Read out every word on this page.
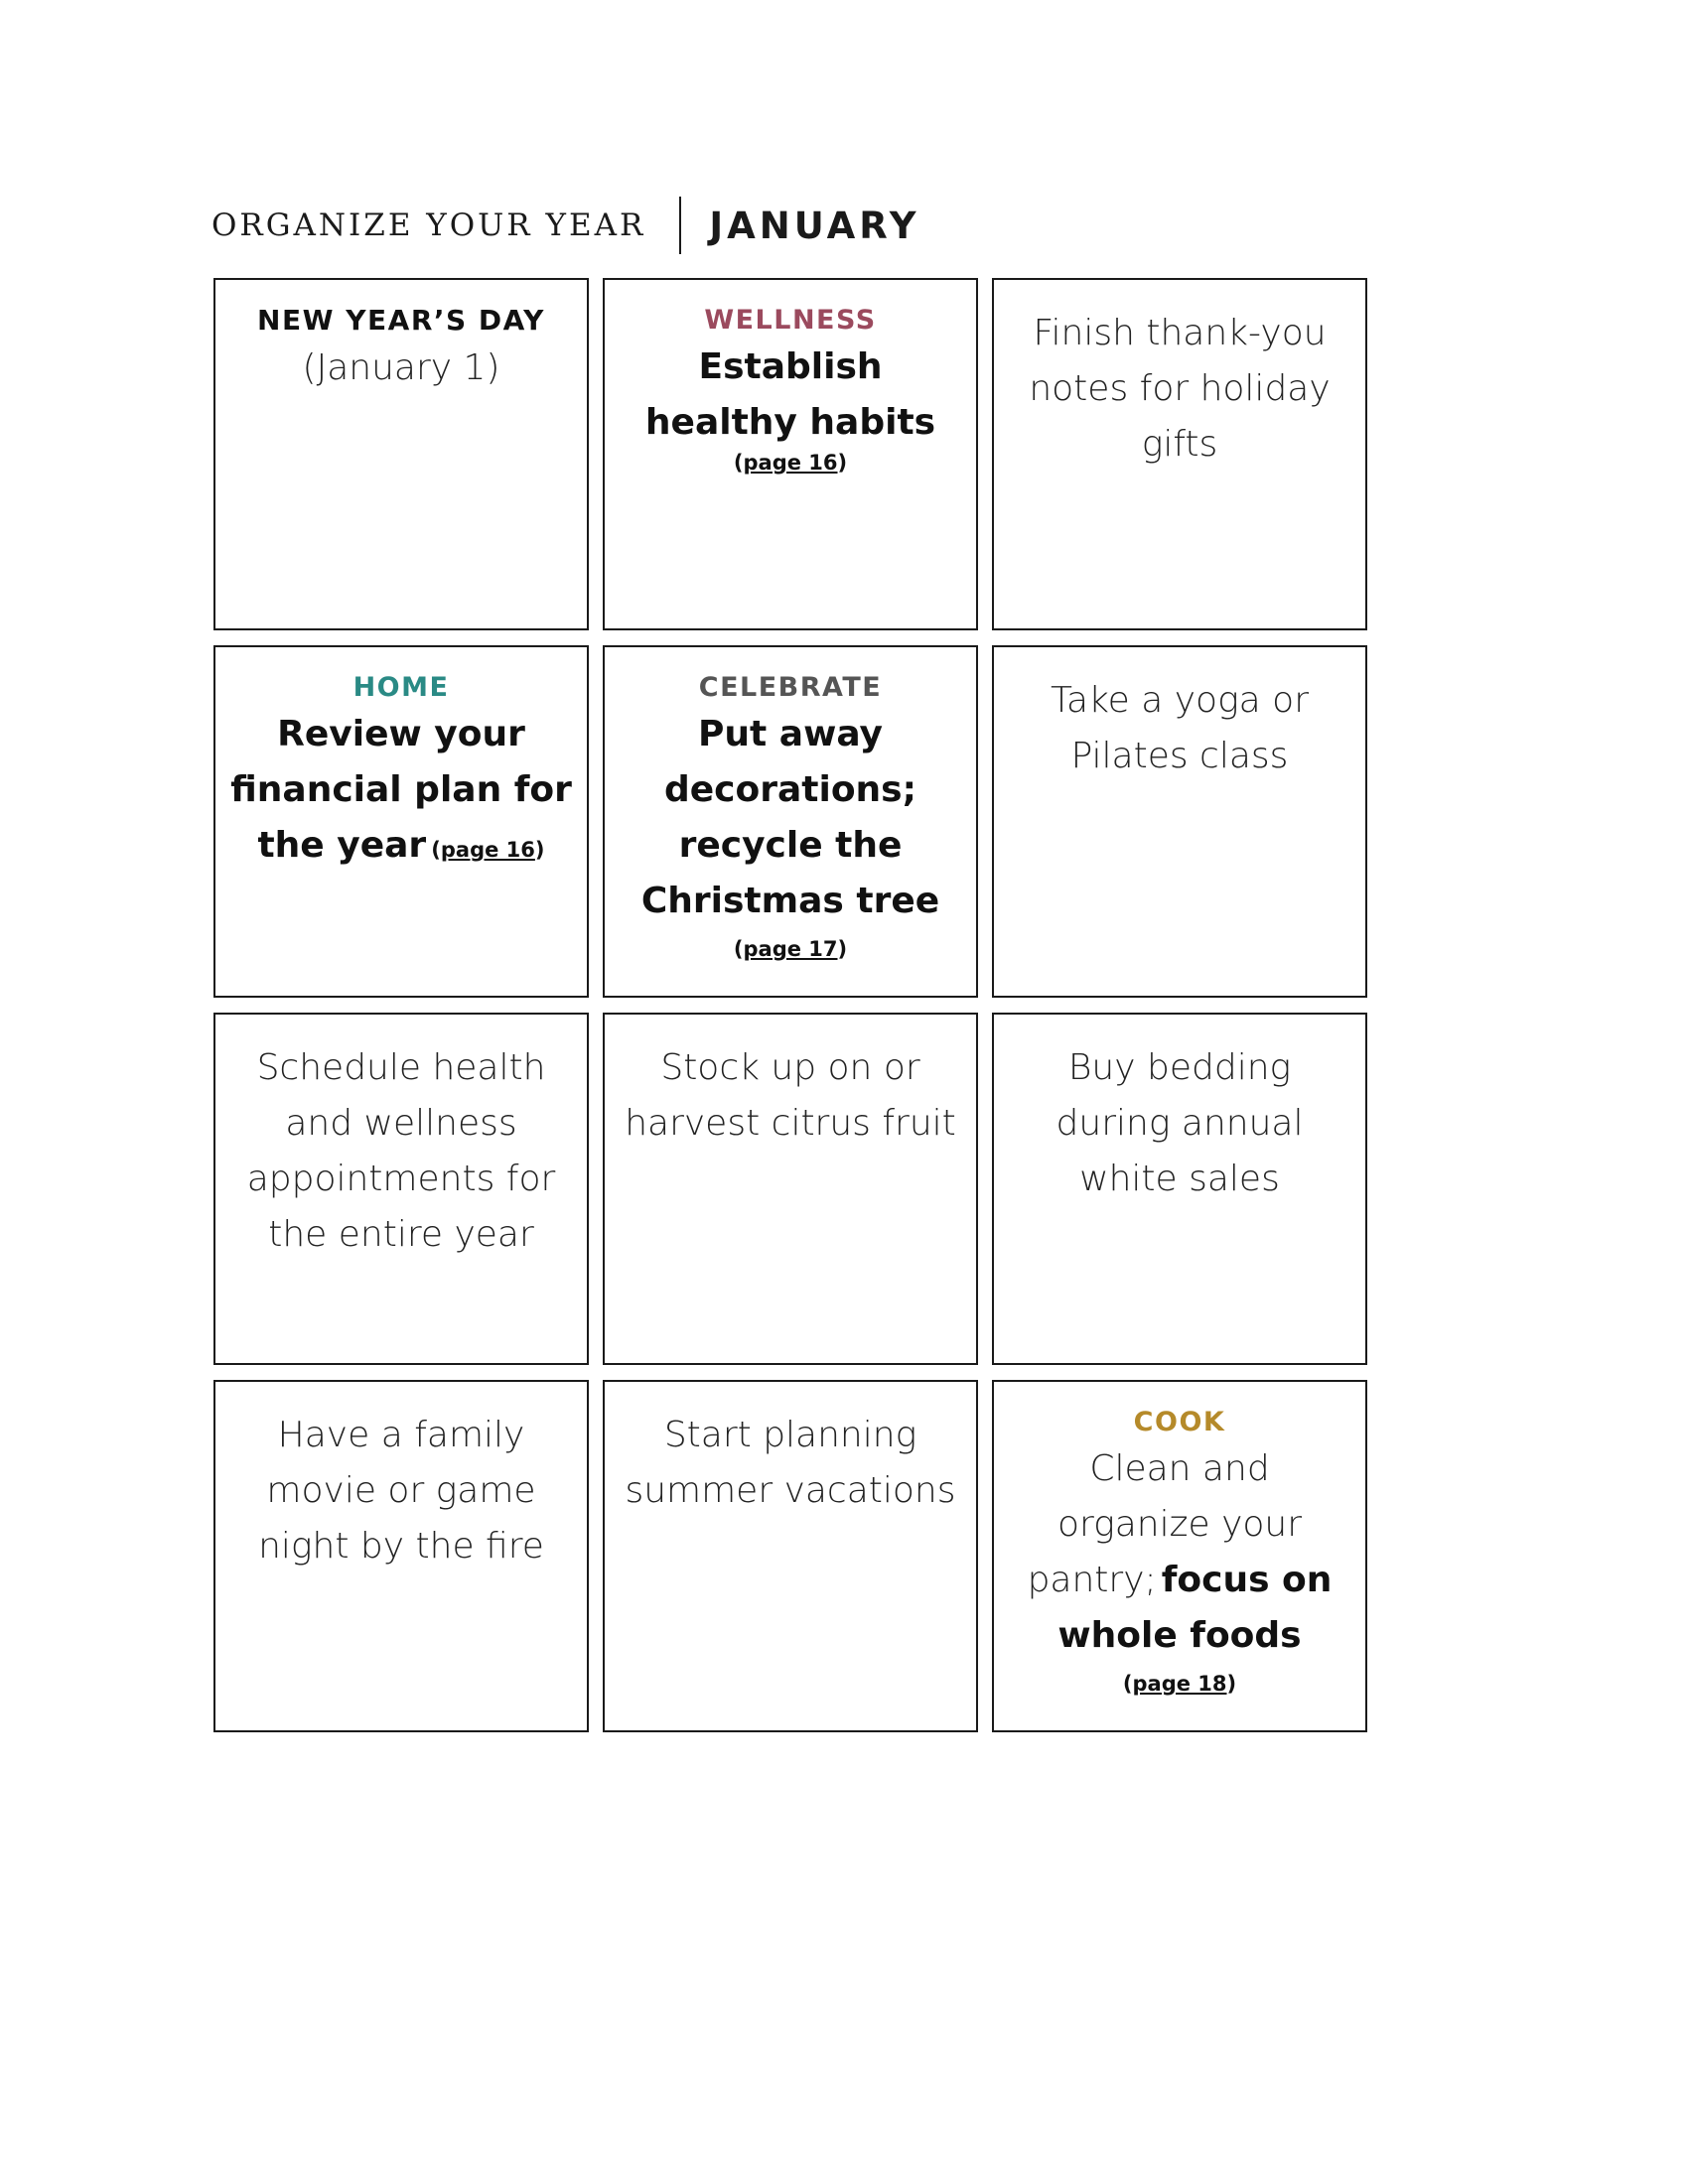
ORGANIZE YOUR YEAR JANUARY
NEW YEAR’S DAY
(January 1)
WELLNESS
Establish healthy habits (page 16)
Finish thank-you notes for holiday gifts
HOME
Review your financial plan for the year (page 16)
CELEBRATE
Put away decorations; recycle the Christmas tree
(page 17)
Take a yoga or Pilates class
Schedule health and wellness appointments for the entire year
Stock up on or harvest citrus fruit
Buy bedding during annual white sales
Have a family movie or game night by the fire
Start planning summer vacations
COOK
Clean and organize your pantry; focus on whole foods
(page 18)
